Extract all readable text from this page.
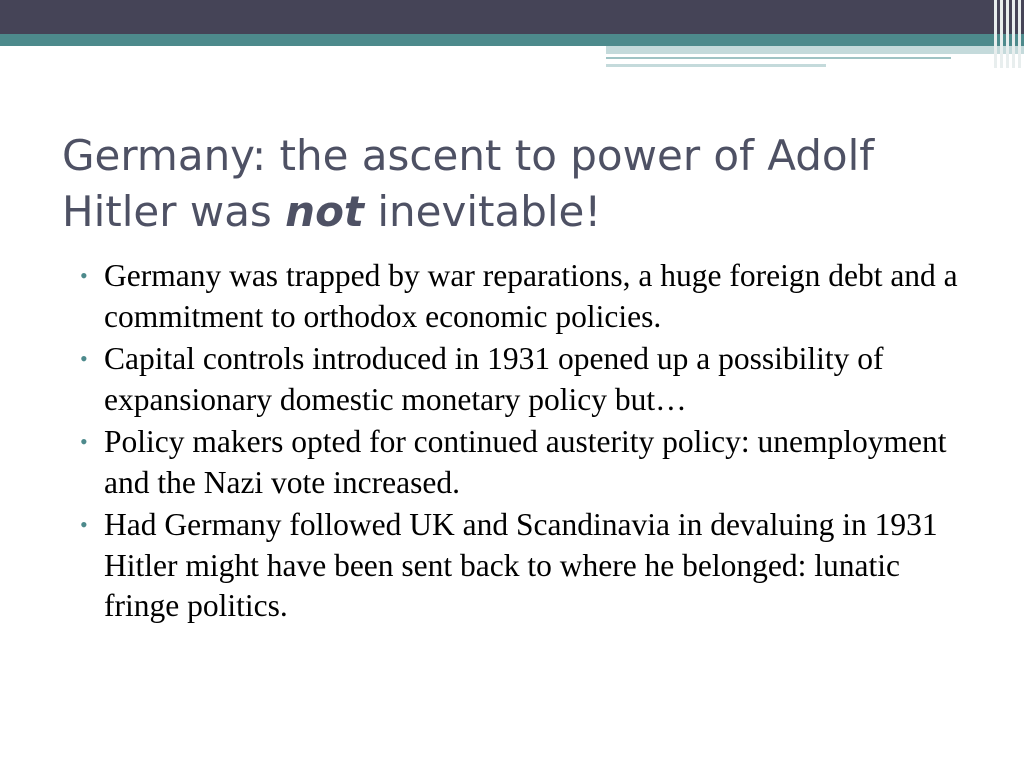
Germany: the ascent to power of Adolf Hitler was not inevitable!
• Germany was trapped by war reparations, a huge foreign debt and a commitment to orthodox economic policies.
• Capital controls introduced in 1931 opened up a possibility of expansionary domestic monetary policy but…
• Policy makers opted for continued austerity policy: unemployment and the Nazi vote increased.
• Had Germany followed UK and Scandinavia in devaluing in 1931 Hitler might have been sent back to where he belonged: lunatic fringe politics.
